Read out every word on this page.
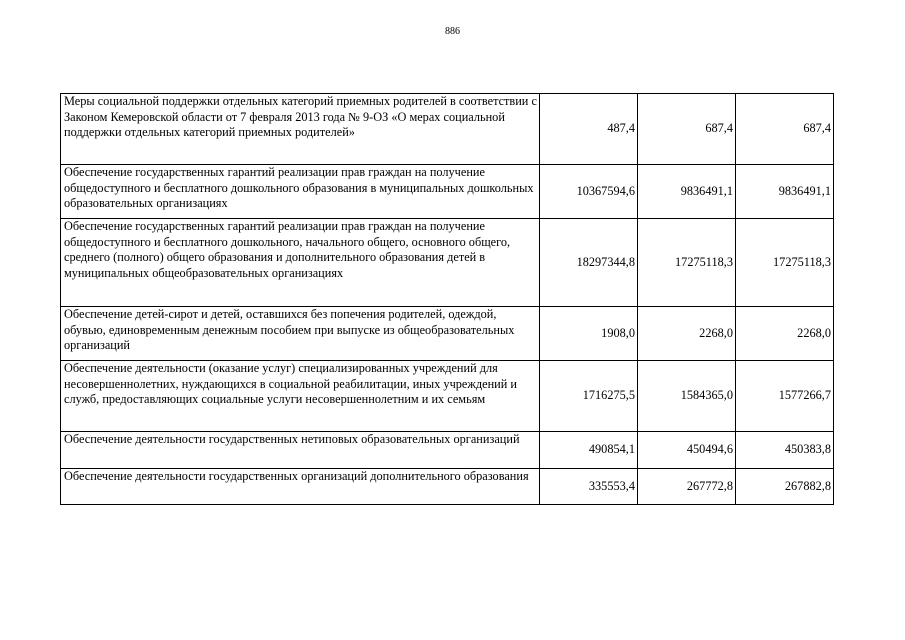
886
Меры социальной поддержки отдельных категорий приемных родителей в соответствии с Законом Кемеровской области от 7 февраля 2013 года № 9-ОЗ «О мерах социальной поддержки отдельных категорий приемных родителей»	487,4	687,4	687,4
Обеспечение государственных гарантий реализации прав граждан на получение общедоступного и бесплатного дошкольного образования в муниципальных дошкольных образовательных организациях	10367594,6	9836491,1	9836491,1
Обеспечение государственных гарантий реализации прав граждан на получение общедоступного и бесплатного дошкольного, начального общего, основного общего, среднего (полного) общего образования и дополнительного образования детей в муниципальных общеобразовательных организациях	18297344,8	17275118,3	17275118,3
Обеспечение детей-сирот и детей, оставшихся без попечения родителей, одеждой, обувью, единовременным денежным пособием при выпуске из общеобразовательных организаций	1908,0	2268,0	2268,0
Обеспечение деятельности (оказание услуг) специализированных учреждений для несовершеннолетних, нуждающихся в социальной реабилитации, иных учреждений и служб, предоставляющих социальные услуги несовершеннолетним и их семьям	1716275,5	1584365,0	1577266,7
Обеспечение деятельности государственных нетиповых образовательных организаций	490854,1	450494,6	450383,8
Обеспечение деятельности государственных организаций дополнительного образования	335553,4	267772,8	267882,8
